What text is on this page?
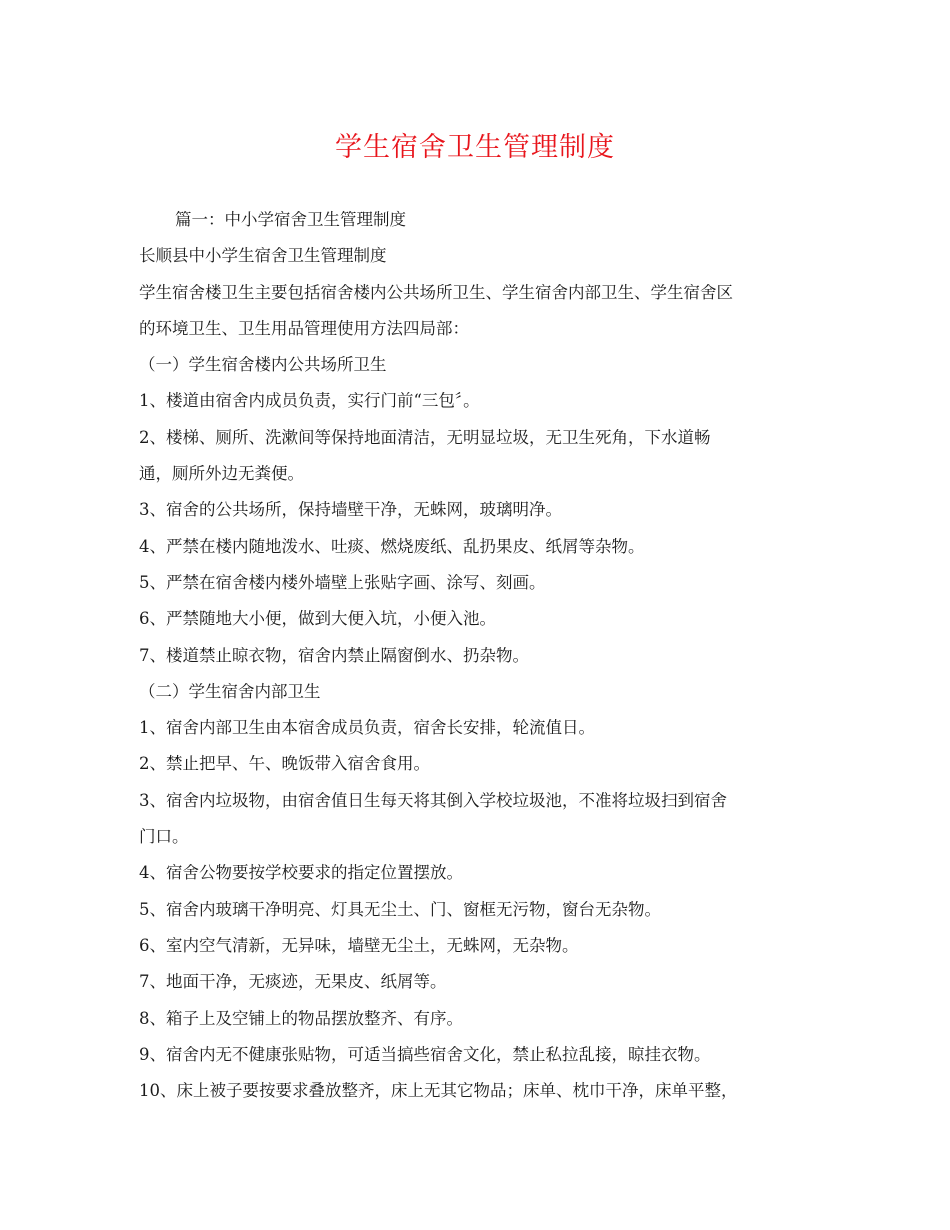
学生宿舍卫生管理制度
篇一：中小学宿舍卫生管理制度
长顺县中小学生宿舍卫生管理制度
学生宿舍楼卫生主要包括宿舍楼内公共场所卫生、学生宿舍内部卫生、学生宿舍区
的环境卫生、卫生用品管理使用方法四局部：
（一）学生宿舍楼内公共场所卫生
1、楼道由宿舍内成员负责，实行门前“三包〞。
2、楼梯、厕所、洗漱间等保持地面清洁，无明显垃圾，无卫生死角，下水道畅
通，厕所外边无粪便。
3、宿舍的公共场所，保持墙壁干净，无蛛网，玻璃明净。
4、严禁在楼内随地泼水、吐痰、燃烧废纸、乱扔果皮、纸屑等杂物。
5、严禁在宿舍楼内楼外墙壁上张贴字画、涂写、刻画。
6、严禁随地大小便，做到大便入坑，小便入池。
7、楼道禁止晾衣物，宿舍内禁止隔窗倒水、扔杂物。
（二）学生宿舍内部卫生
1、宿舍内部卫生由本宿舍成员负责，宿舍长安排，轮流值日。
2、禁止把早、午、晚饭带入宿舍食用。
3、宿舍内垃圾物，由宿舍值日生每天将其倒入学校垃圾池，不准将垃圾扫到宿舍
门口。
4、宿舍公物要按学校要求的指定位置摆放。
5、宿舍内玻璃干净明亮、灯具无尘土、门、窗框无污物，窗台无杂物。
6、室内空气清新，无异味，墙壁无尘土，无蛛网，无杂物。
7、地面干净，无痰迹，无果皮、纸屑等。
8、箱子上及空铺上的物品摆放整齐、有序。
9、宿舍内无不健康张贴物，可适当搞些宿舍文化，禁止私拉乱接，晾挂衣物。
10、床上被子要按要求叠放整齐，床上无其它物品；床单、枕巾干净，床单平整，
